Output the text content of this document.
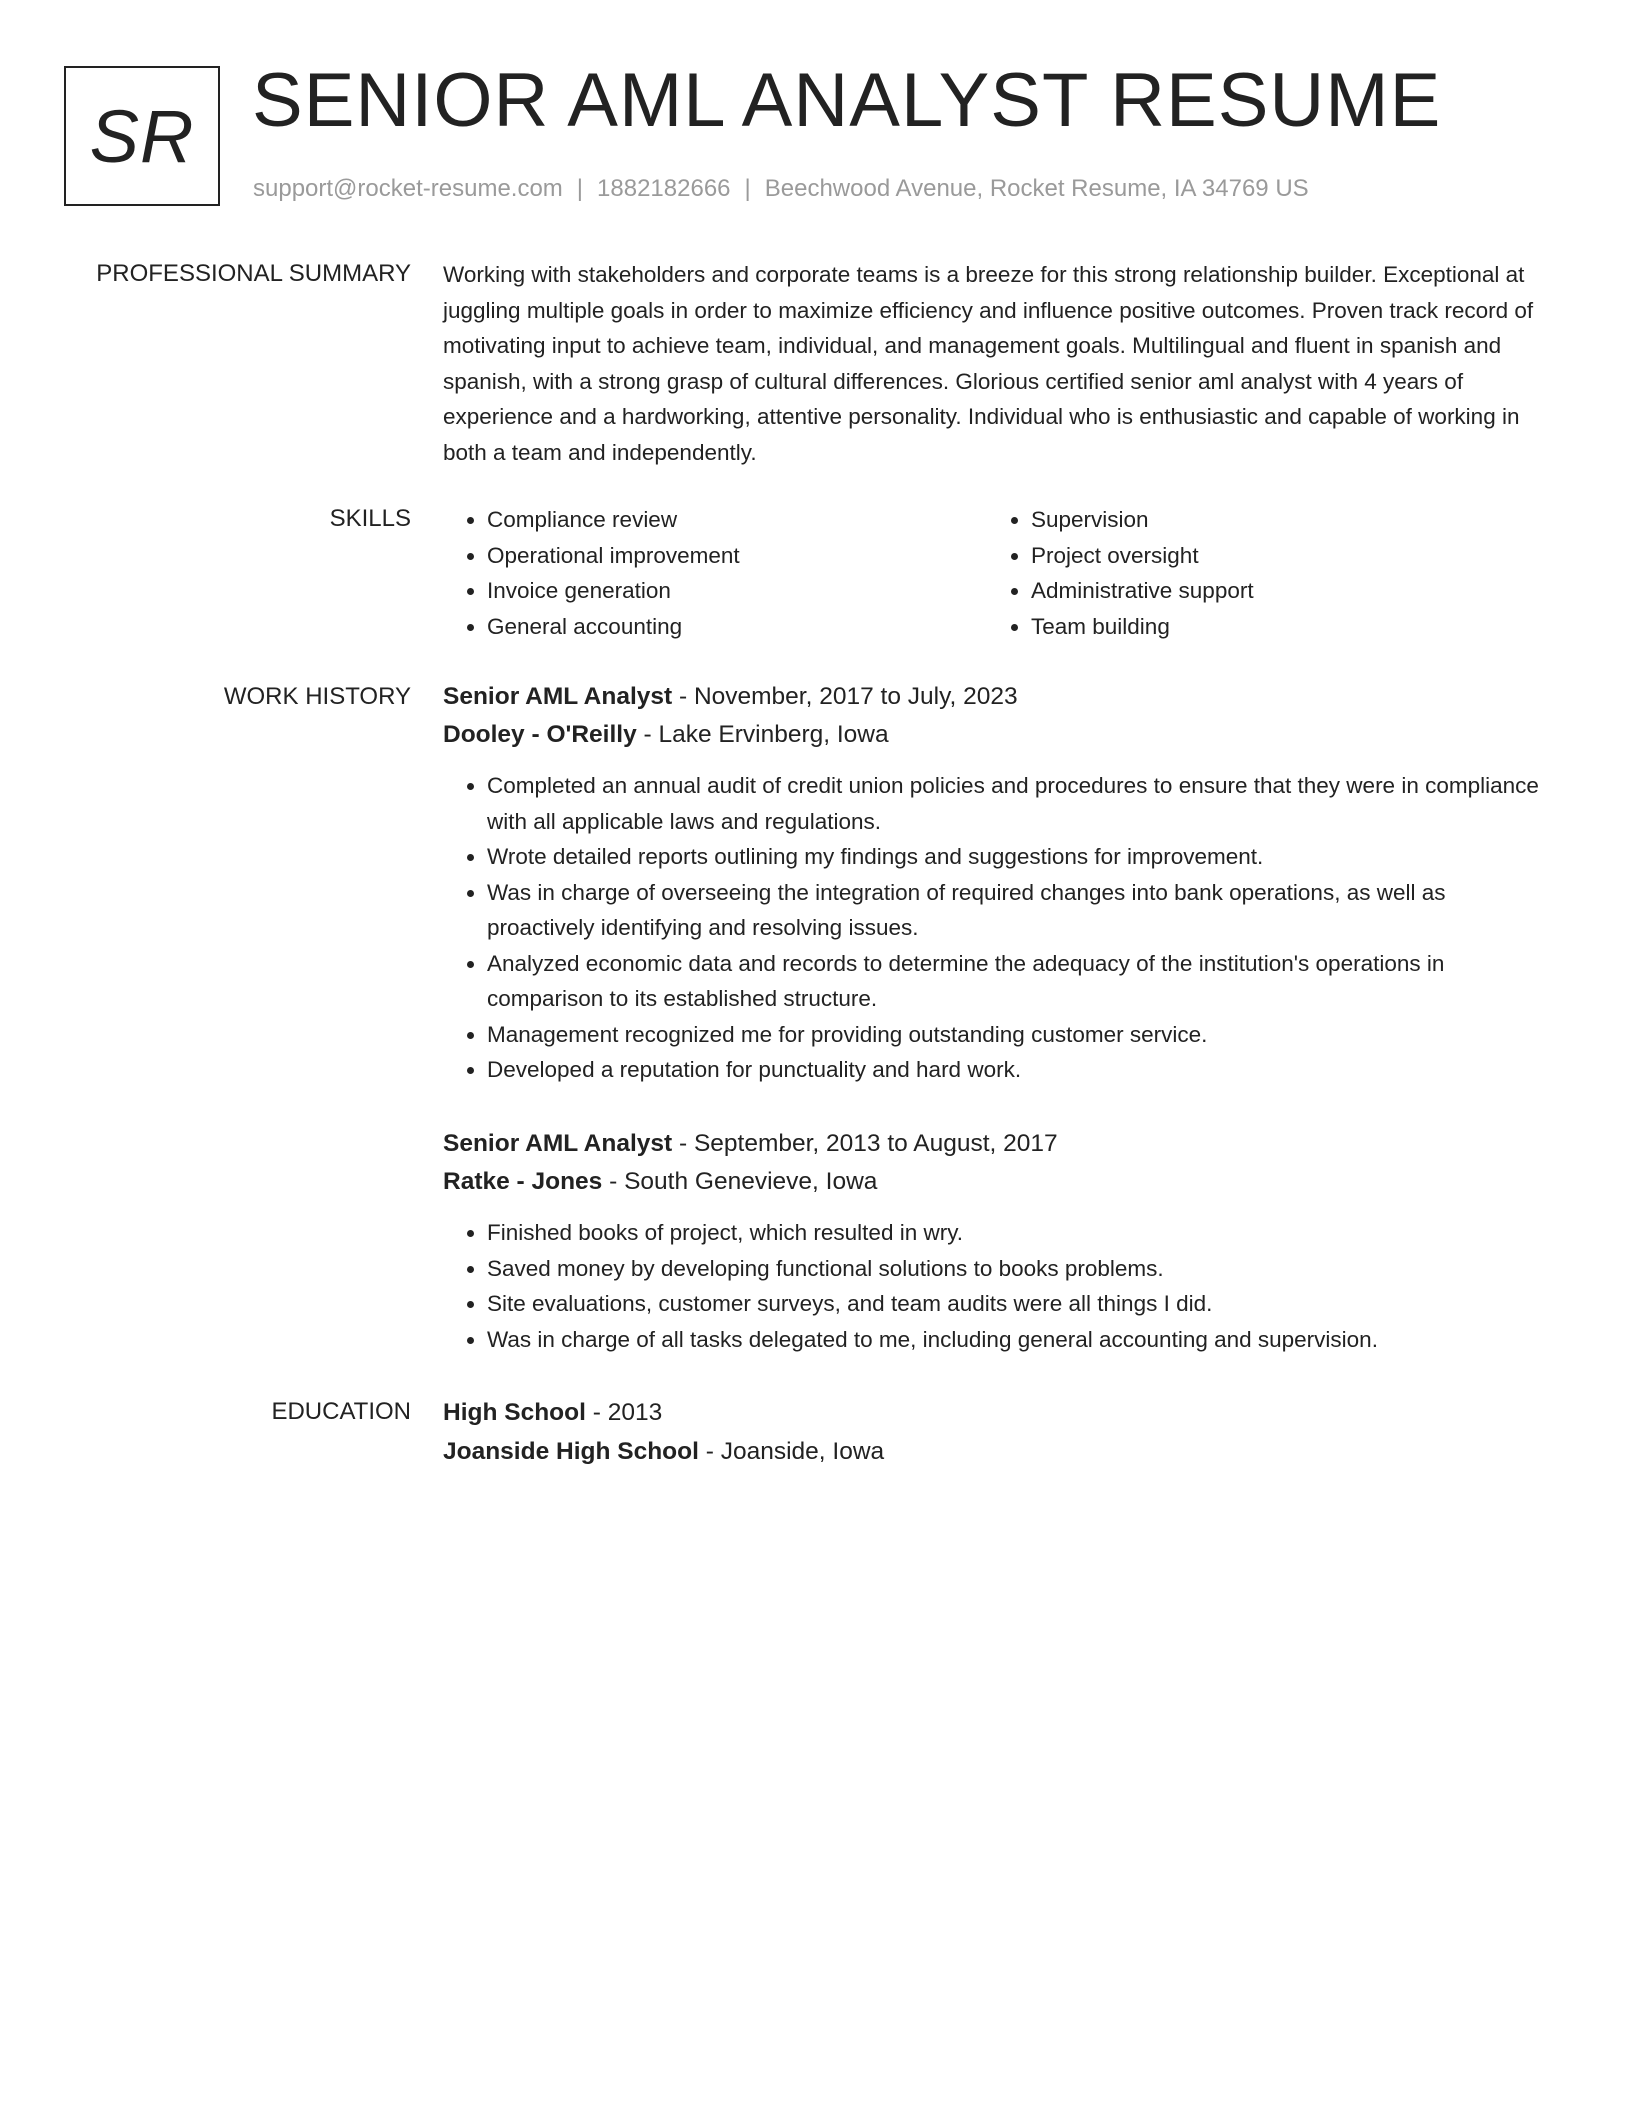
SR SENIOR AML ANALYST RESUME
support@rocket-resume.com | 1882182666 | Beechwood Avenue, Rocket Resume, IA 34769 US
PROFESSIONAL SUMMARY Working with stakeholders and corporate teams is a breeze for this strong relationship builder. Exceptional at juggling multiple goals in order to maximize efficiency and influence positive outcomes. Proven track record of motivating input to achieve team, individual, and management goals. Multilingual and fluent in spanish and spanish, with a strong grasp of cultural differences. Glorious certified senior aml analyst with 4 years of experience and a hardworking, attentive personality. Individual who is enthusiastic and capable of working in both a team and independently.

SKILLS
•	Compliance review
• Operational improvement
• Invoice generation
• General accounting
• Supervision
• Project oversight
• Administrative support
• Team building
WORK HISTORY Senior AML Analyst - November, 2017 to July, 2023
Dooley - O'Reilly - Lake Ervinberg, Iowa
• Completed an annual audit of credit union policies and procedures to ensure that they were in compliance with all applicable laws and regulations.
• Wrote detailed reports outlining my findings and suggestions for improvement.
• Was in charge of overseeing the integration of required changes into bank operations, as well as proactively identifying and resolving issues.
• Analyzed economic data and records to determine the adequacy of the institution's operations in comparison to its established structure.
• Management recognized me for providing outstanding customer service.
• Developed a reputation for punctuality and hard work.
Senior AML Analyst - September, 2013 to August, 2017
Ratke - Jones - South Genevieve, Iowa
• Finished books of project, which resulted in wry.
• Saved money by developing functional solutions to books problems.
• Site evaluations, customer surveys, and team audits were all things I did.
• Was in charge of all tasks delegated to me, including general accounting and supervision.
EDUCATION High School - 2013
Joanside High School - Joanside, Iowa
